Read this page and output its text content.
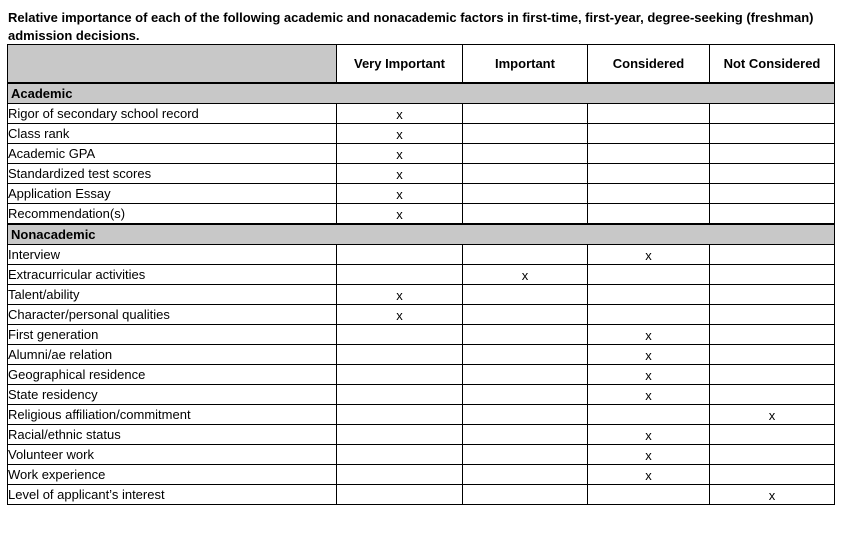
Relative importance of each of the following academic and nonacademic factors in first-time, first-year, degree-seeking (freshman) admission decisions.
	Very Important	Important	Considered	Not Considered
Academic				
Rigor of secondary school record	x			
Class rank	x			
Academic GPA	x			
Standardized test scores	x			
Application Essay	x			
Recommendation(s)	x			
Nonacademic				
Interview			x	
Extracurricular activities		x		
Talent/ability	x			
Character/personal qualities	x			
First generation			x	
Alumni/ae relation			x	
Geographical residence			x	
State residency			x	
Religious affiliation/commitment				x
Racial/ethnic status			x	
Volunteer work			x	
Work experience			x	
Level of applicant’s interest				x
